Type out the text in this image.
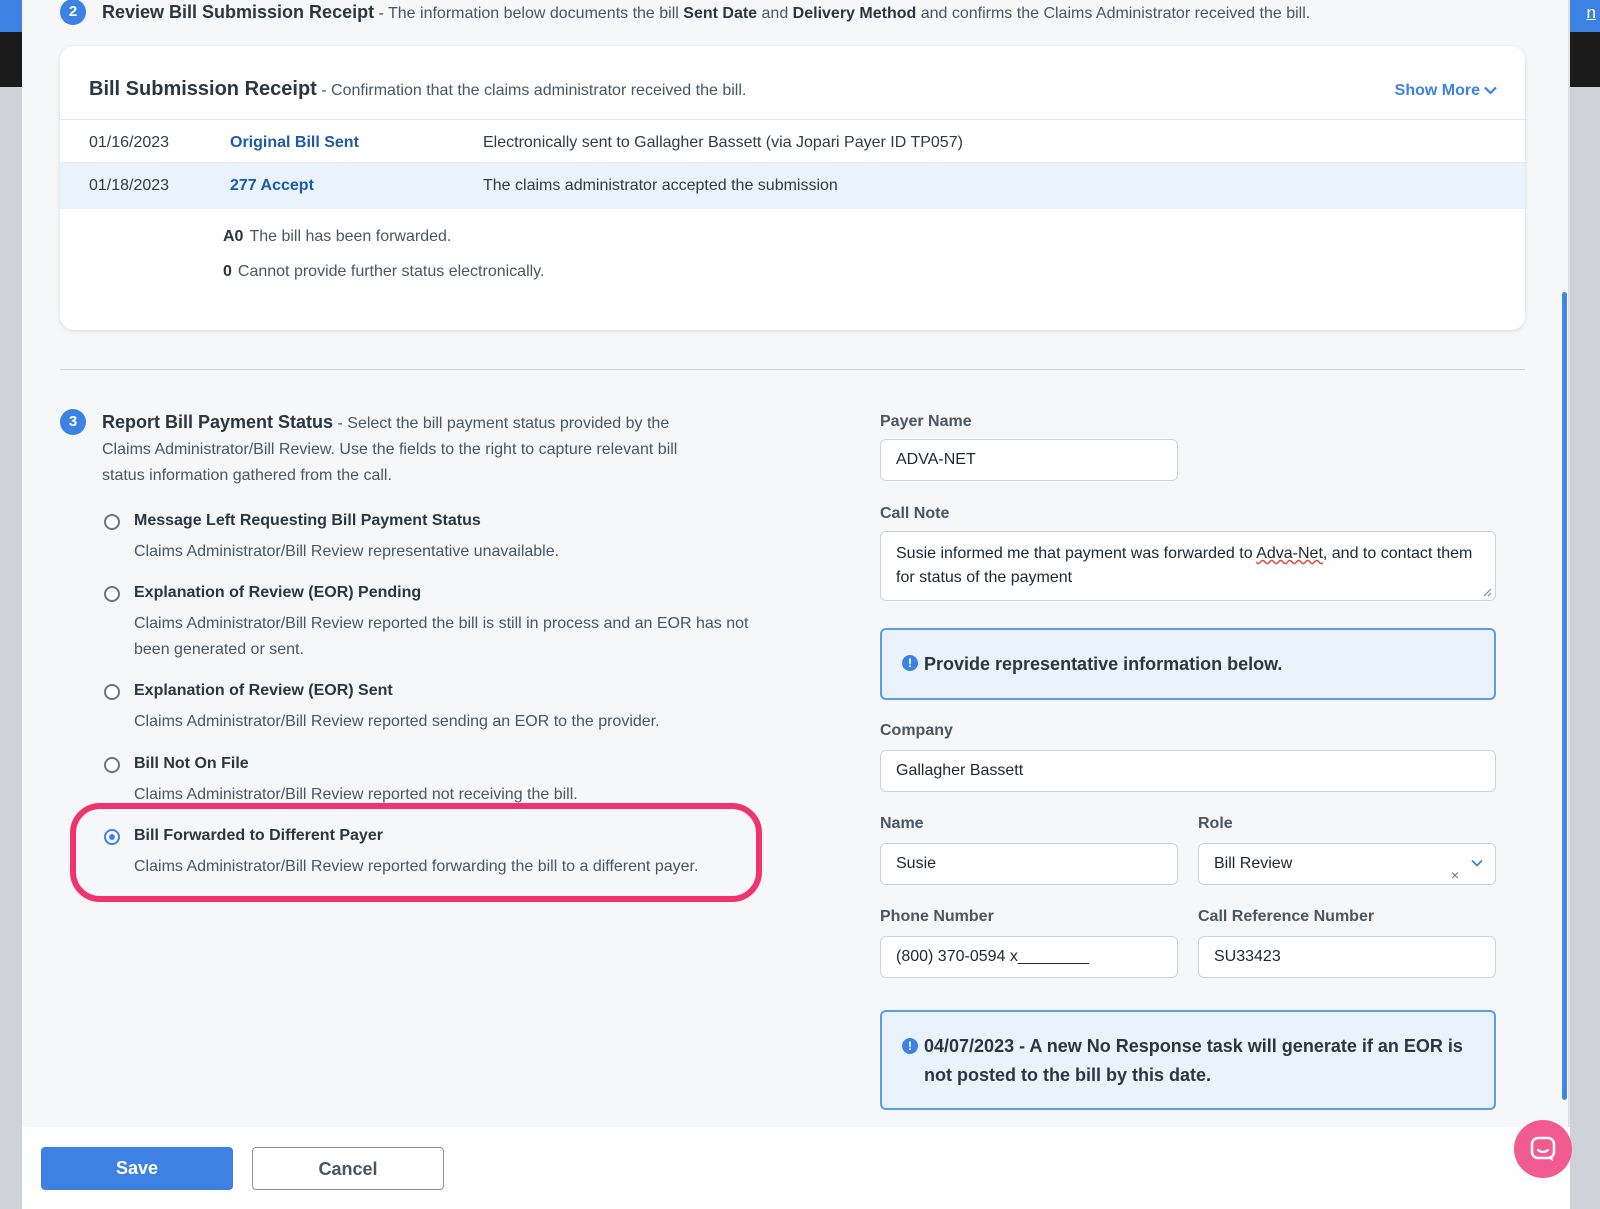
n
2	Review Bill Submission Receipt - The information below documents the bill Sent Date and Delivery Method and confirms the Claims Administrator received the bill.
Bill Submission Receipt - Confirmation that the claims administrator received the bill.	Show More
01/16/2023	Original Bill Sent	Electronically sent to Gallagher Bassett (via Jopari Payer ID TP057)
01/18/2023	277 Accept	The claims administrator accepted the submission
A0 The bill has been forwarded.
0 Cannot provide further status electronically.
3	Report Bill Payment Status - Select the bill payment status provided by the
Claims Administrator/Bill Review. Use the fields to the right to capture relevant bill
status information gathered from the call.
Message Left Requesting Bill Payment Status
Claims Administrator/Bill Review representative unavailable.
Explanation of Review (EOR) Pending
Claims Administrator/Bill Review reported the bill is still in process and an EOR has not been generated or sent.
Explanation of Review (EOR) Sent
Claims Administrator/Bill Review reported sending an EOR to the provider.
Bill Not On File
Claims Administrator/Bill Review reported not receiving the bill.
Bill Forwarded to Different Payer
Claims Administrator/Bill Review reported forwarding the bill to a different payer.
Payer Name
ADVA-NET
Call Note
Susie informed me that payment was forwarded to Adva-Net, and to contact them for status of the payment
! Provide representative information below.
Company
Gallagher Bassett
Name
Susie
Role
Bill Review
×
Phone Number
(800) 370-0594 x________
Call Reference Number
SU33423
! 04/07/2023 - A new No Response task will generate if an EOR is not posted to the bill by this date.
Save	Cancel
